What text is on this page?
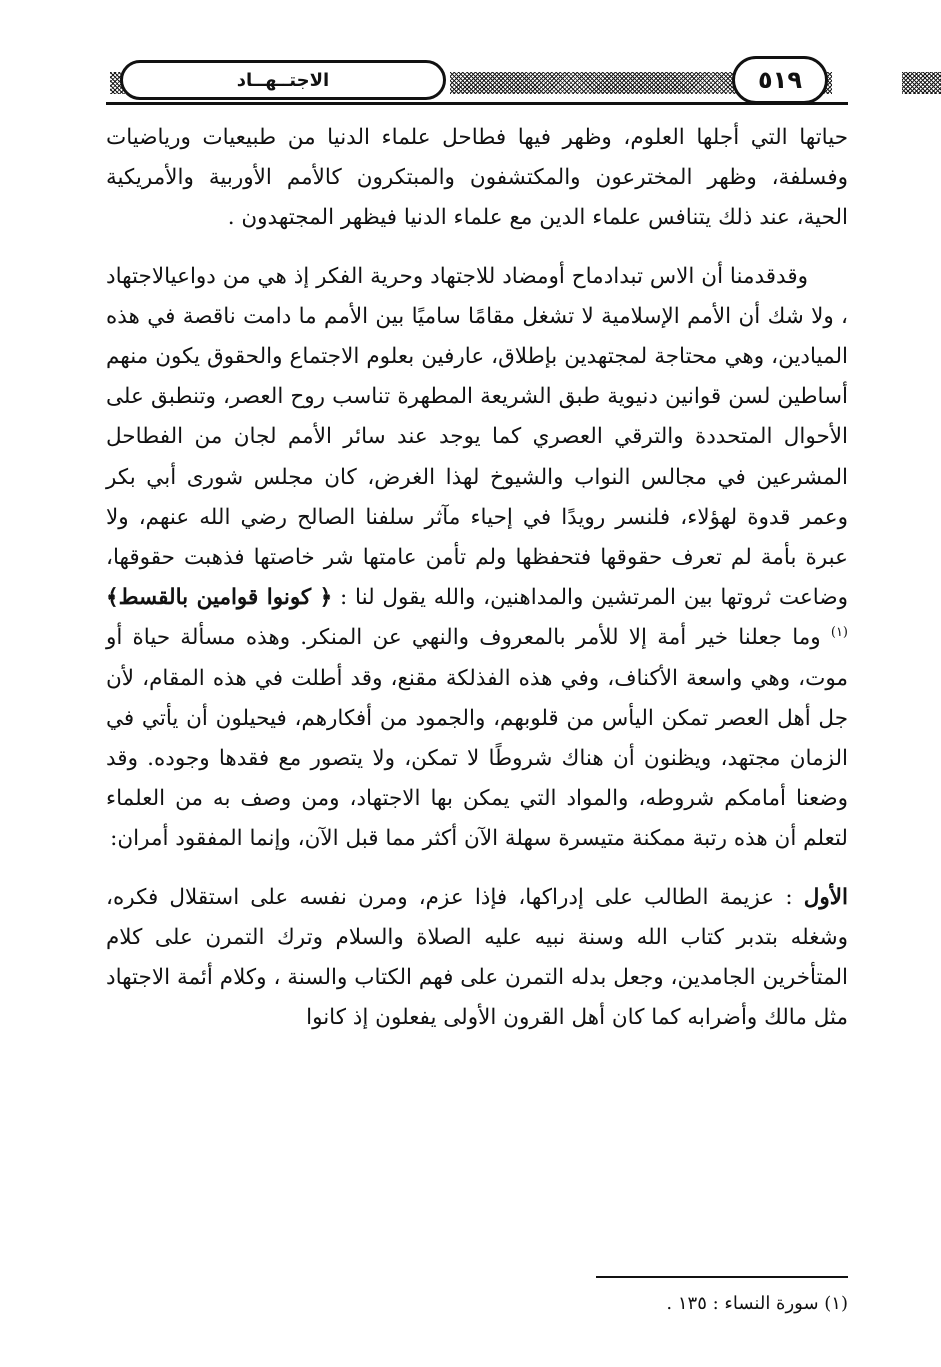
الاجتــهــاد	٥١٩

حياتها التي أجلها العلوم، وظهر فيها فطاحل علماء الدنيا من طبيعيات ورياضيات وفسلفة، وظهر المخترعون والمكتشفون والمبتكرون كالأمم الأوربية والأمريكية الحية، عند ذلك يتنافس علماء الدين مع علماء الدنيا فيظهر المجتهدون .

وقدقدمنا أن الاس تبدادماح أومضاد للاجتهاد وحرية الفكر إذ هي من دواعيالاجتهاد ، ولا شك أن الأمم الإسلامية لا تشغل مقامًا ساميًا بين الأمم ما دامت ناقصة في هذه الميادين، وهي محتاجة لمجتهدين بإطلاق، عارفين بعلوم الاجتماع والحقوق يكون منهم أساطين لسن قوانين دنيوية طبق الشريعة المطهرة تناسب روح العصر، وتنطبق على الأحوال المتحددة والترقي العصري كما يوجد عند سائر الأمم لجان من الفطاحل المشرعين في مجالس النواب والشيوخ لهذا الغرض، كان مجلس شورى أبي بكر وعمر قدوة لهؤلاء، فلنسر رويدًا في إحياء مآثر سلفنا الصالح رضي الله عنهم، ولا عبرة بأمة لم تعرف حقوقها فتحفظها ولم تأمن عامتها شر خاصتها فذهبت حقوقها، وضاعت ثروتها بين المرتشين والمداهنين، والله يقول لنا : ﴿ كونوا قوامين بالقسط﴾$^{(١)}$ وما جعلنا خير أمة إلا للأمر بالمعروف والنهي عن المنكر. وهذه مسألة حياة أو موت، وهي واسعة الأكناف، وفي هذه الفذلكة مقنع، وقد أطلت في هذه المقام، لأن جل أهل العصر تمكن اليأس من قلوبهم، والجمود من أفكارهم، فيحيلون أن يأتي في الزمان مجتهد، ويظنون أن هناك شروطًا لا تمكن، ولا يتصور مع فقدها وجوده. وقد وضعنا أمامكم شروطه، والمواد التي يمكن بها الاجتهاد، ومن وصف به من العلماء لتعلم أن هذه رتبة ممكنة متيسرة سهلة الآن أكثر مما قبل الآن، وإنما المفقود أمران:

الأول : عزيمة الطالب على إدراكها، فإذا عزم، ومرن نفسه على استقلال فكره، وشغله بتدبر كتاب الله وسنة نبيه عليه الصلاة والسلام وترك التمرن على كلام المتأخرين الجامدين، وجعل بدله التمرن على فهم الكتاب والسنة ، وكلام أئمة الاجتهاد مثل مالك وأضرابه كما كان أهل القرون الأولى يفعلون إذ كانوا

(١) سورة النساء : ١٣٥ .
